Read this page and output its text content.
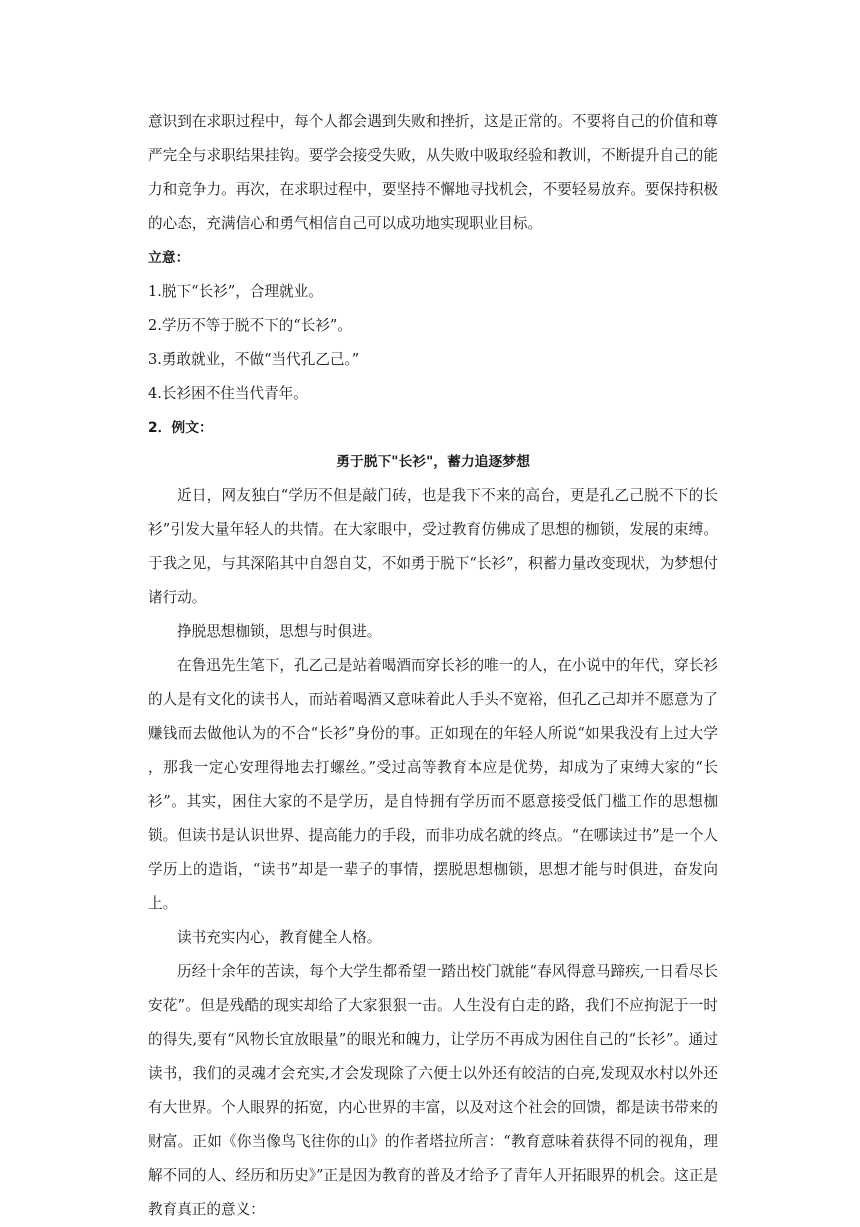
意识到在求职过程中，每个人都会遇到失败和挫折，这是正常的。不要将自己的价值和尊严完全与求职结果挂钩。要学会接受失败，从失败中吸取经验和教训，不断提升自己的能力和竞争力。再次，在求职过程中，要坚持不懈地寻找机会，不要轻易放弃。要保持积极的心态，充满信心和勇气相信自己可以成功地实现职业目标。

立意：

1.脱下“长衫”，合理就业。

2.学历不等于脱不下的“长衫”。

3.勇敢就业，不做“当代孔乙己。”

4.长衫困不住当代青年。

2．例文：

勇于脱下"长衫"，蓄力追逐梦想

近日，网友独白“学历不但是敲门砖，也是我下不来的高台，更是孔乙己脱不下的长衫”引发大量年轻人的共情。在大家眼中，受过教育仿佛成了思想的枷锁，发展的束缚。于我之见，与其深陷其中自怨自艾，不如勇于脱下“长衫”，积蓄力量改变现状，为梦想付诸行动。

挣脱思想枷锁，思想与时俱进。

在鲁迅先生笔下，孔乙己是站着喝酒而穿长衫的唯一的人，在小说中的年代，穿长衫的人是有文化的读书人，而站着喝酒又意味着此人手头不宽裕，但孔乙己却并不愿意为了赚钱而去做他认为的不合“长衫”身份的事。正如现在的年轻人所说“如果我没有上过大学 ，那我一定心安理得地去打螺丝。”受过高等教育本应是优势，却成为了束缚大家的“长衫”。其实，困住大家的不是学历，是自恃拥有学历而不愿意接受低门槛工作的思想枷锁。但读书是认识世界、提高能力的手段，而非功成名就的终点。“在哪读过书”是一个人学历上的造诣，“读书”却是一辈子的事情，摆脱思想枷锁，思想才能与时俱进，奋发向上。

读书充实内心，教育健全人格。

历经十余年的苦读，每个大学生都希望一踏出校门就能“春风得意马蹄疾,一日看尽长安花”。但是残酷的现实却给了大家狠狠一击。人生没有白走的路，我们不应拘泥于一时的得失,要有“风物长宜放眼量”的眼光和魄力，让学历不再成为困住自己的“长衫”。通过读书，我们的灵魂才会充实,才会发现除了六便士以外还有皎洁的白亮,发现双水村以外还有大世界。个人眼界的拓宽，内心世界的丰富，以及对这个社会的回馈，都是读书带来的财富。正如《你当像鸟飞往你的山》的作者塔拉所言：“教育意味着获得不同的视角，理解不同的人、经历和历史》”正是因为教育的普及才给予了青年人开拓眼界的机会。这正是教育真正的意义：
